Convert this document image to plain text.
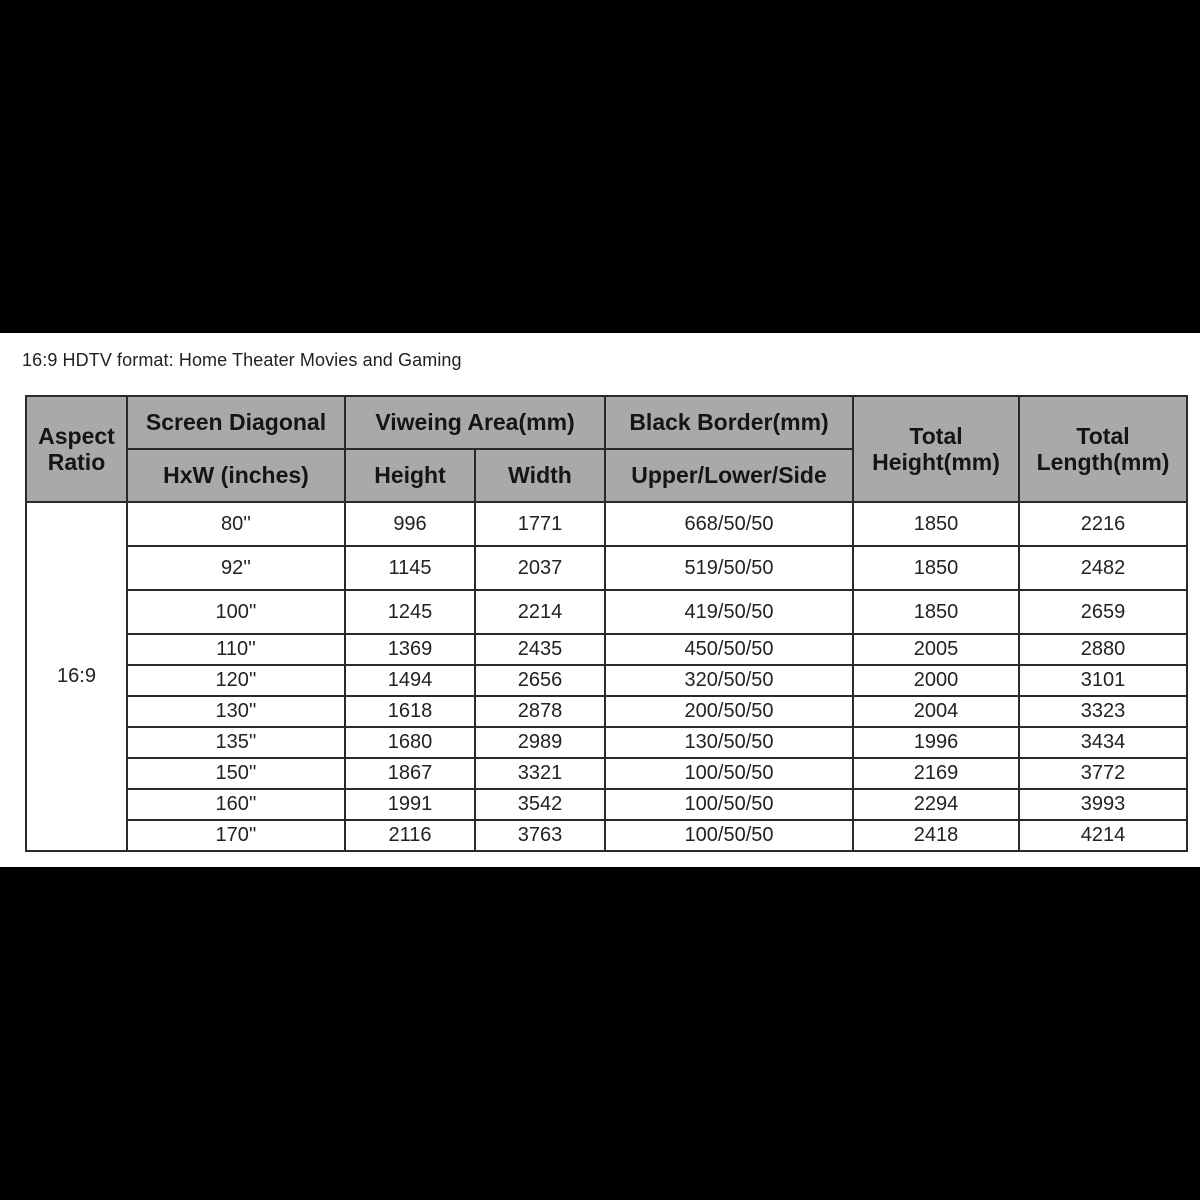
16:9 HDTV format: Home Theater Movies and Gaming
Aspect Ratio	Screen Diagonal	Viweing Area(mm)		Black Border(mm)	Total Height(mm)	Total Length(mm)
	HxW (inches)	Height	Width	Upper/Lower/Side		
16:9	80''	996	1771	668/50/50	1850	2216
	92''	1145	2037	519/50/50	1850	2482
	100''	1245	2214	419/50/50	1850	2659
	110''	1369	2435	450/50/50	2005	2880
	120''	1494	2656	320/50/50	2000	3101
	130''	1618	2878	200/50/50	2004	3323
	135''	1680	2989	130/50/50	1996	3434
	150''	1867	3321	100/50/50	2169	3772
	160''	1991	3542	100/50/50	2294	3993
	170''	2116	3763	100/50/50	2418	4214
